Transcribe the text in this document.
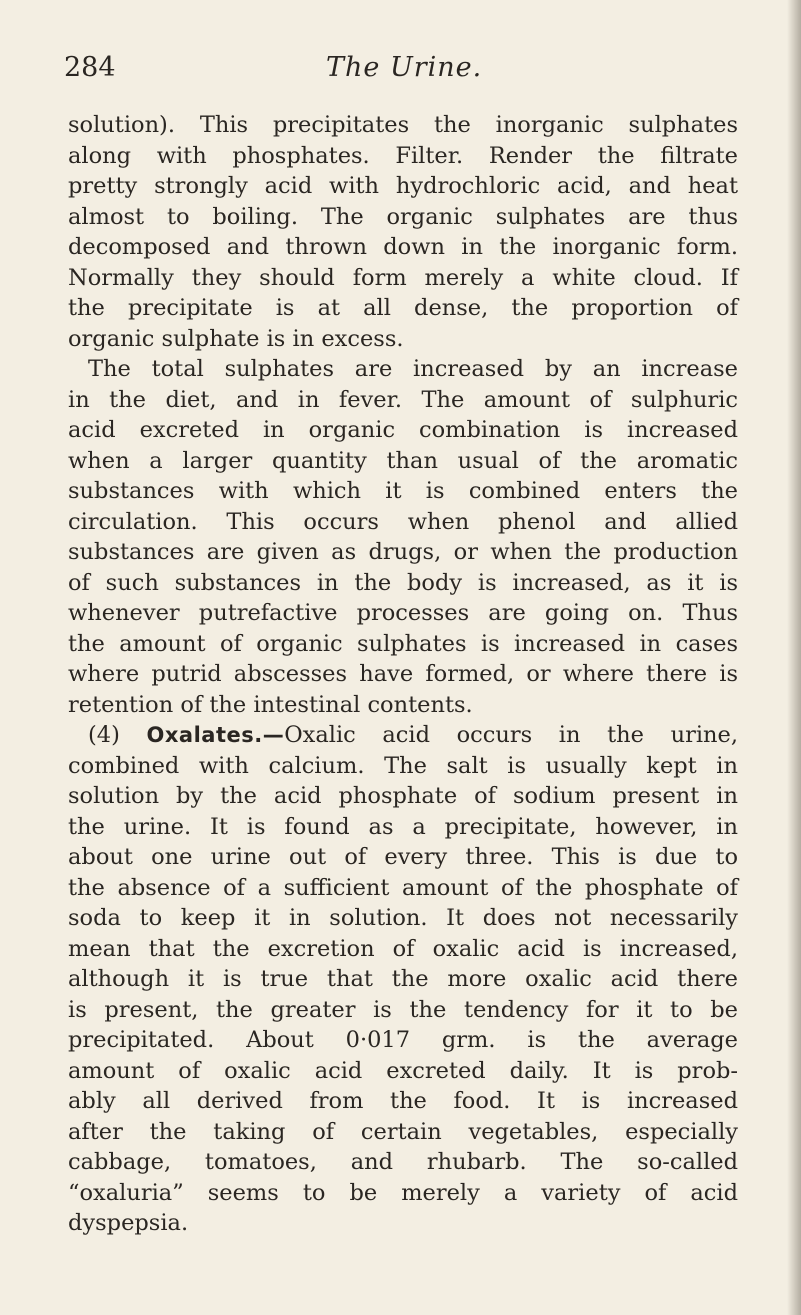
284	The Urine.
solution). This precipitates the inorganic sulphates
along with phosphates. Filter. Render the filtrate
pretty strongly acid with hydrochloric acid, and heat
almost to boiling. The organic sulphates are thus
decomposed and thrown down in the inorganic form.
Normally they should form merely a white cloud. If
the precipitate is at all dense, the proportion of
organic sulphate is in excess.
The total sulphates are increased by an increase
in the diet, and in fever. The amount of sulphuric
acid excreted in organic combination is increased
when a larger quantity than usual of the aromatic
substances with which it is combined enters the
circulation. This occurs when phenol and allied
substances are given as drugs, or when the production
of such substances in the body is increased, as it is
whenever putrefactive processes are going on. Thus
the amount of organic sulphates is increased in cases
where putrid abscesses have formed, or where there is
retention of the intestinal contents.
(4) Oxalates.—Oxalic acid occurs in the urine,
combined with calcium. The salt is usually kept in
solution by the acid phosphate of sodium present in
the urine. It is found as a precipitate, however, in
about one urine out of every three. This is due to
the absence of a sufficient amount of the phosphate of
soda to keep it in solution. It does not necessarily
mean that the excretion of oxalic acid is increased,
although it is true that the more oxalic acid there
is present, the greater is the tendency for it to be
precipitated. About 0·017 grm. is the average
amount of oxalic acid excreted daily. It is prob-
ably all derived from the food. It is increased
after the taking of certain vegetables, especially
cabbage, tomatoes, and rhubarb. The so-called
“oxaluria” seems to be merely a variety of acid
dyspepsia.
